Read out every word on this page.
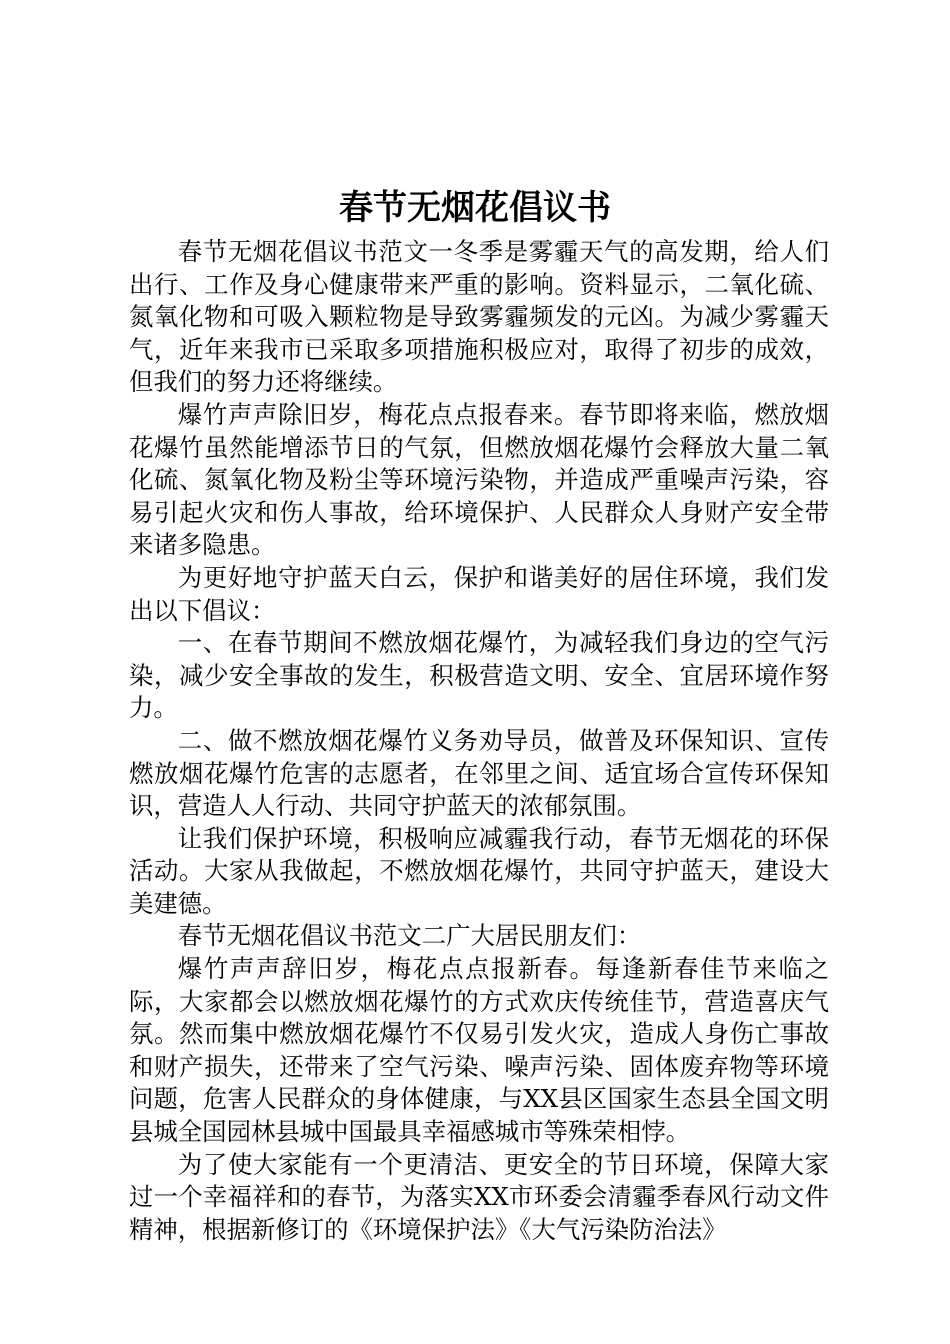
春节无烟花倡议书

春节无烟花倡议书范文一冬季是雾霾天气的高发期，给人们出行、工作及身心健康带来严重的影响。资料显示，二氧化硫、氮氧化物和可吸入颗粒物是导致雾霾频发的元凶。为减少雾霾天气，近年来我市已采取多项措施积极应对，取得了初步的成效，但我们的努力还将继续。

爆竹声声除旧岁，梅花点点报春来。春节即将来临，燃放烟花爆竹虽然能增添节日的气氛，但燃放烟花爆竹会释放大量二氧化硫、氮氧化物及粉尘等环境污染物，并造成严重噪声污染，容易引起火灾和伤人事故，给环境保护、人民群众人身财产安全带来诸多隐患。

为更好地守护蓝天白云，保护和谐美好的居住环境，我们发出以下倡议：

一、在春节期间不燃放烟花爆竹，为减轻我们身边的空气污染，减少安全事故的发生，积极营造文明、安全、宜居环境作努力。

二、做不燃放烟花爆竹义务劝导员，做普及环保知识、宣传燃放烟花爆竹危害的志愿者，在邻里之间、适宜场合宣传环保知识，营造人人行动、共同守护蓝天的浓郁氛围。

让我们保护环境，积极响应减霾我行动，春节无烟花的环保活动。大家从我做起，不燃放烟花爆竹，共同守护蓝天，建设大美建德。

春节无烟花倡议书范文二广大居民朋友们：

爆竹声声辞旧岁，梅花点点报新春。每逢新春佳节来临之际，大家都会以燃放烟花爆竹的方式欢庆传统佳节，营造喜庆气氛。然而集中燃放烟花爆竹不仅易引发火灾，造成人身伤亡事故和财产损失，还带来了空气污染、噪声污染、固体废弃物等环境问题，危害人民群众的身体健康，与XX县区国家生态县全国文明县城全国园林县城中国最具幸福感城市等殊荣相悖。

为了使大家能有一个更清洁、更安全的节日环境，保障大家过一个幸福祥和的春节，为落实XX市环委会清霾季春风行动文件精神，根据新修订的《环境保护法》《大气污染防治法》
